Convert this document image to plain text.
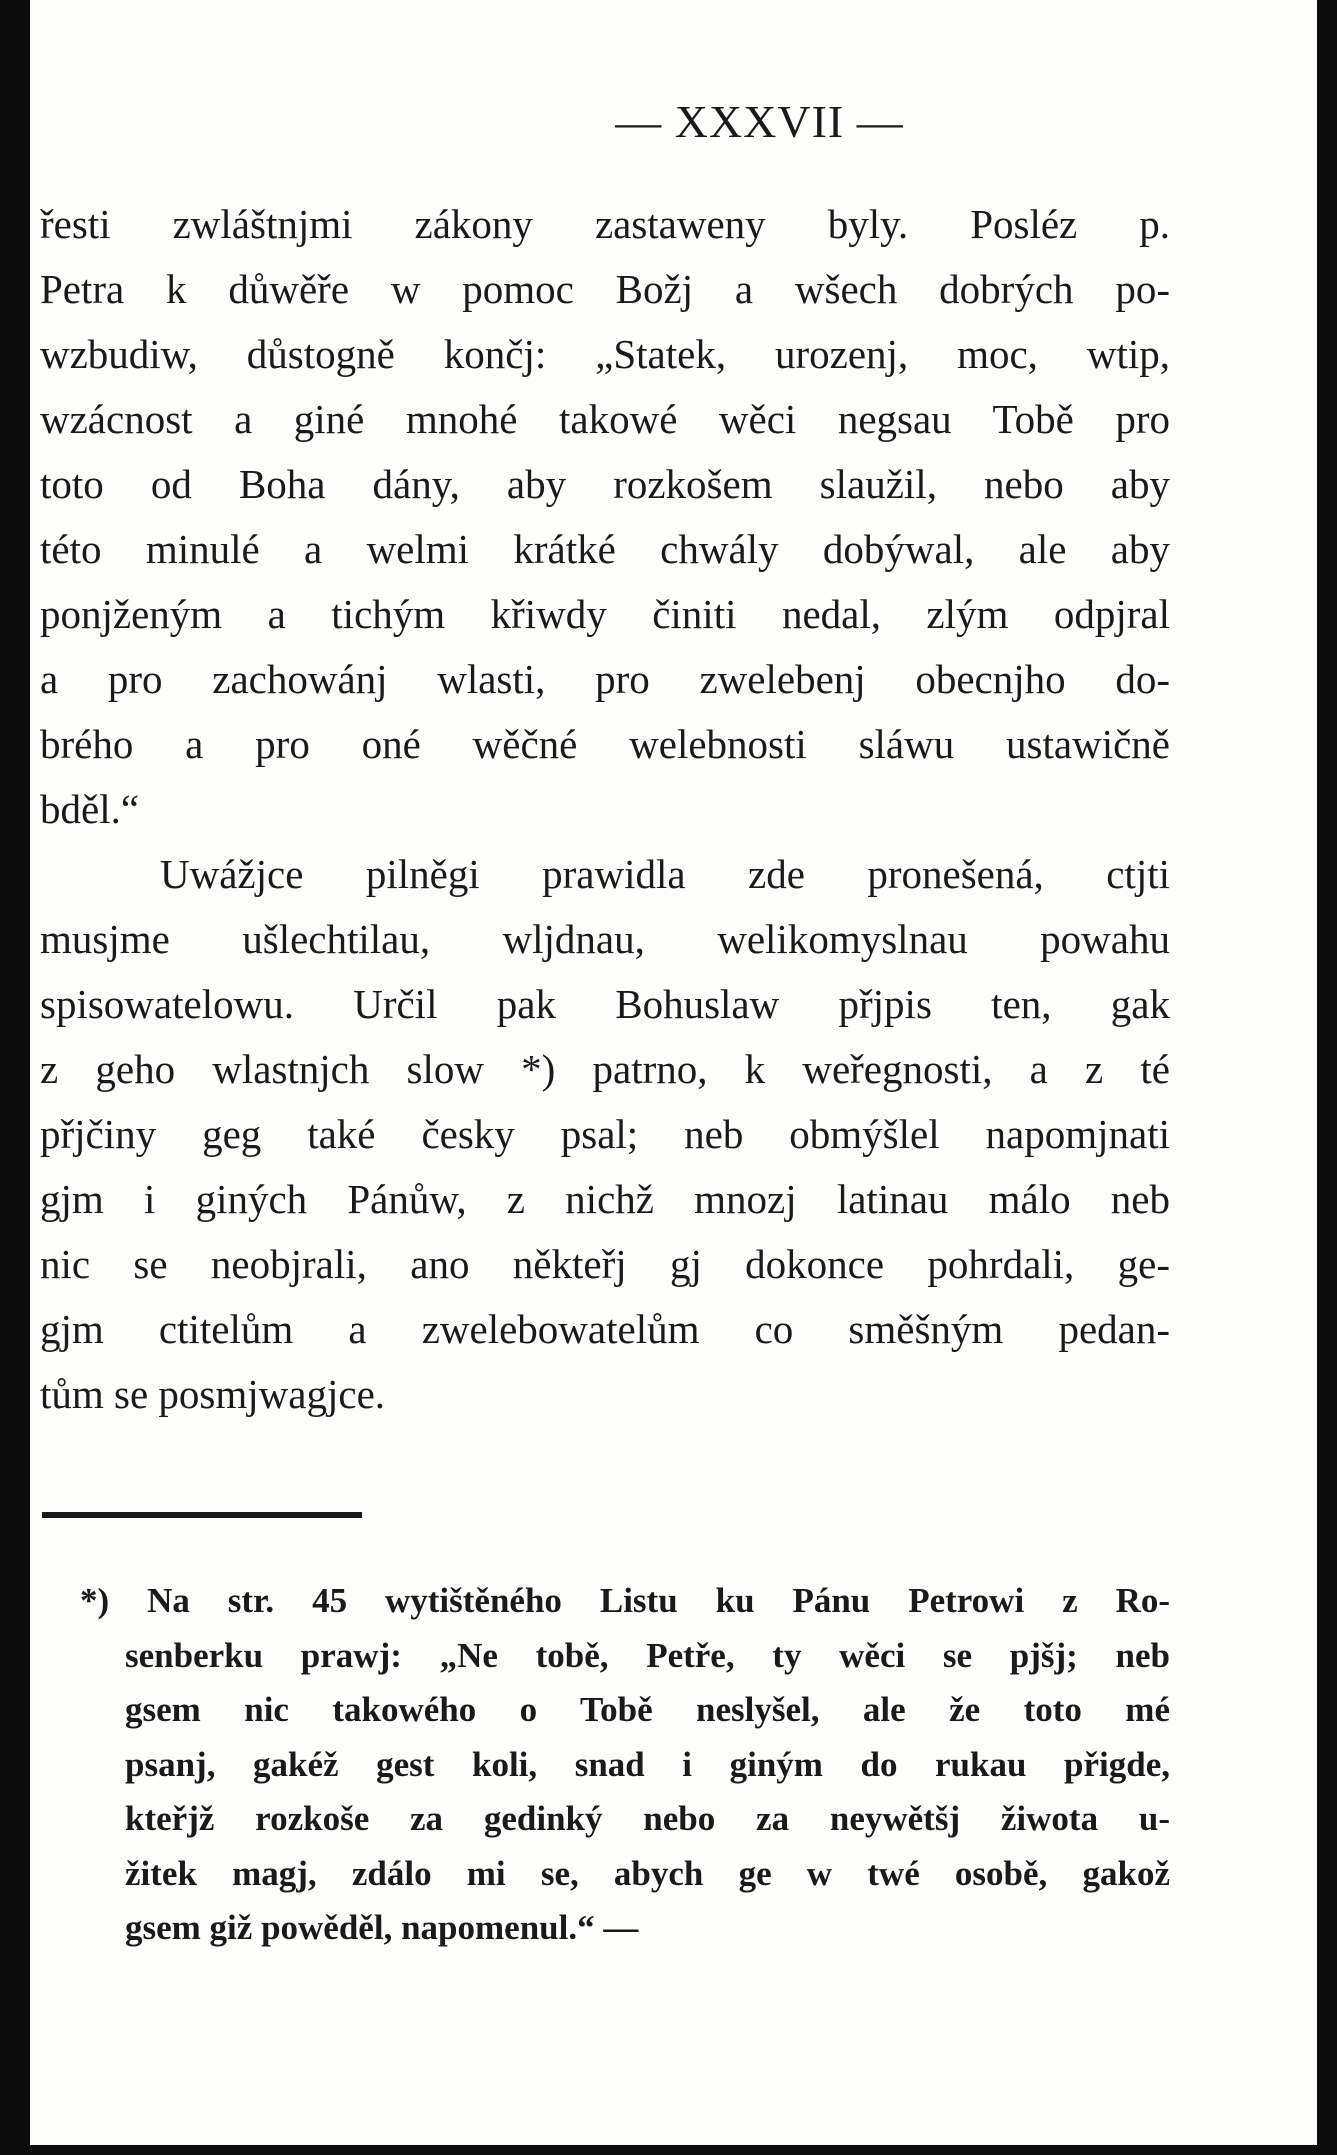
— XXXVII —
řesti zwláštnjmi zákony zastaweny byly. Posléz p.
Petra k důwěře w pomoc Božj a wšech dobrých po-
wzbudiw, důstogně končj: „Statek, urozenj, moc, wtip,
wzácnost a giné mnohé takowé wěci negsau Tobě pro
toto od Boha dány, aby rozkošem slaužil, nebo aby
této minulé a welmi krátké chwály dobýwal, ale aby
ponjženým a tichým křiwdy činiti nedal, zlým odpjral
a pro zachowánj wlasti, pro zwelebenj obecnjho do-
brého a pro oné wěčné welebnosti sláwu ustawičně
bděl.“
Uwážjce pilněgi prawidla zde pronešená, ctjti
musjme ušlechtilau, wljdnau, welikomyslnau powahu
spisowatelowu. Určil pak Bohuslaw přjpis ten, gak
z geho wlastnjch slow *) patrno, k weřegnosti, a z té
přjčiny geg také česky psal; neb obmýšlel napomjnati
gjm i giných Pánůw, z nichž mnozj latinau málo neb
nic se neobjrali, ano někteřj gj dokonce pohrdali, ge-
gjm ctitelům a zwelebowatelům co směšným pedan-
tům se posmjwagjce.
*) Na str. 45 wytištěného Listu ku Pánu Petrowi z Ro-
senberku prawj: „Ne tobě, Petře, ty wěci se pjšj; neb
gsem nic takowého o Tobě neslyšel, ale že toto mé
psanj, gakéž gest koli, snad i giným do rukau přigde,
kteřjž rozkoše za gedinký nebo za neywětšj žiwota u-
žitek magj, zdálo mi se, abych ge w twé osobě, gakož
gsem giž powěděl, napomenul.“ —
